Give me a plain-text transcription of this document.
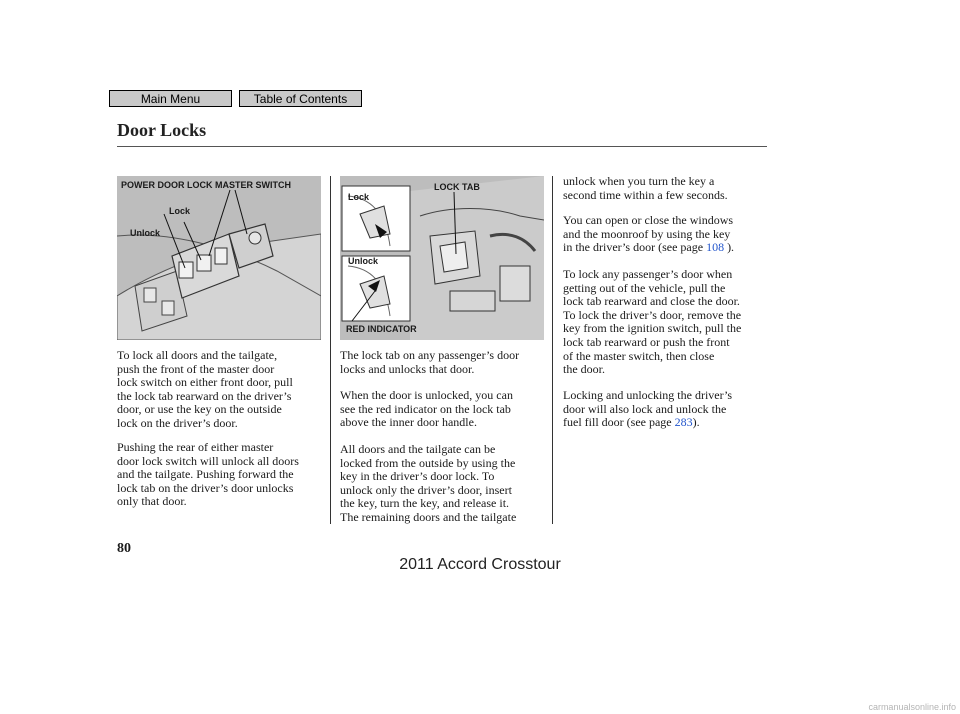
Main Menu	Table of Contents
Door Locks
POWER DOOR LOCK MASTER SWITCH
Lock
Unlock
LOCK TAB
Lock
Unlock
RED INDICATOR

To lock all doors and the tailgate,
push the front of the master door
lock switch on either front door, pull
the lock tab rearward on the driver’s
door, or use the key on the outside
lock on the driver’s door.

Pushing the rear of either master
door lock switch will unlock all doors
and the tailgate. Pushing forward the
lock tab on the driver’s door unlocks
only that door.

The lock tab on any passenger’s door
locks and unlocks that door.

When the door is unlocked, you can
see the red indicator on the lock tab
above the inner door handle.

All doors and the tailgate can be
locked from the outside by using the
key in the driver’s door lock. To
unlock only the driver’s door, insert
the key, turn the key, and release it.
The remaining doors and the tailgate

unlock when you turn the key a
second time within a few seconds.

You can open or close the windows
and the moonroof by using the key
in the driver’s door (see page 108 ).

To lock any passenger’s door when
getting out of the vehicle, pull the
lock tab rearward and close the door.
To lock the driver’s door, remove the
key from the ignition switch, pull the
lock tab rearward or push the front
of the master switch, then close
the door.

Locking and unlocking the driver’s
door will also lock and unlock the
fuel fill door (see page 283).

80
2011 Accord Crosstour
carmanualsonline.info
